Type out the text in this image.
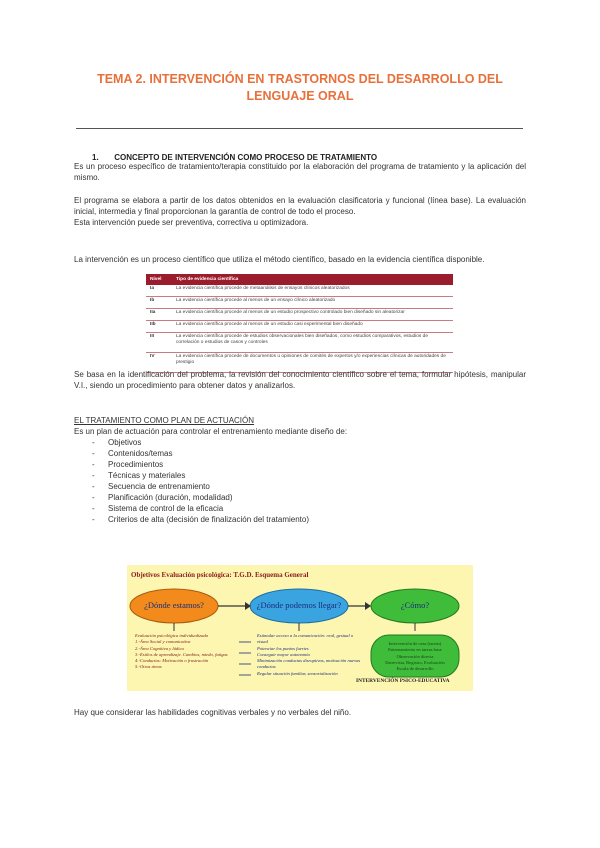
TEMA 2. INTERVENCIÓN EN TRASTORNOS DEL DESARROLLO DEL LENGUAJE ORAL
1.       CONCEPTO DE INTERVENCIÓN COMO PROCESO DE TRATAMIENTO
Es un proceso específico de tratamiento/terapia constituido por la elaboración del programa de tratamiento y la aplicación del mismo.
El programa se elabora a partir de los datos obtenidos en la evaluación clasificatoria y funcional (línea base). La evaluación inicial, intermedia y final proporcionan la garantía de control de todo el proceso.
Esta intervención puede ser preventiva, correctiva u optimizadora.
La intervención es un proceso científico que utiliza el método científico, basado en la evidencia científica disponible.
Nivel	Tipo de evidencia científica
Ia	La evidencia científica procede de metaanálisis de ensayos clínicos aleatorizados
Ib	La evidencia científica procede al menos de un ensayo clínico aleatorizado
IIa	La evidencia científica procede al menos de un estudio prospectivo controlado bien diseñado sin aleatorizar
IIb	La evidencia científica procede al menos de un estudio casi experimental bien diseñado
III	La evidencia científica procede de estudios observacionales bien diseñados, como estudios comparativos, estudios de correlación o estudios de casos y controles
IV	La evidencia científica procede de documentos u opiniones de comités de expertos y/o experiencias clínicas de autoridades de prestigio
Se basa en la identificación del problema, la revisión del conocimiento científico sobre el tema, formular hipótesis, manipular V.I., siendo un procedimiento para obtener datos y analizarlos.
EL TRATAMIENTO COMO PLAN DE ACTUACIÓN
Es un plan de actuación para controlar el entrenamiento mediante diseño de:
- Objetivos
- Contenidos/temas
- Procedimientos
- Técnicas y materiales
- Secuencia de entrenamiento
- Planificación (duración, modalidad)
- Sistema de control de la eficacia
- Criterios de alta (decisión de finalización del tratamiento)
Objetivos Evaluación psicológica: T.G.D. Esquema General
¿Dónde estamos?	¿Dónde podemos llegar?	¿Cómo?
Evaluación psicológica individualizada
1.-Área Social y comunicativa
2.-Área Cognitiva y lúdica
3.-Estilos de aprendizaje. Cambios, miedo, fatigas
4.-Conductas: Motivación o frustración
5.-Otras áreas
Estimular acceso a la comunicación: oral, gestual o visual
Potenciar los puntos fuertes
Conseguir mayor autonomía
Minimización conductas disruptivas, motivación nuevas conductas
Regular situación familiar, sensorialización
Intervención de casa (tareas)
Entrenamiento en tareas base
Observación directa
Entrevista, Registro, Evaluación
Escala de desarrollo
INTERVENCIÓN PSICO-EDUCATIVA
Hay que considerar las habilidades cognitivas verbales y no verbales del niño.
